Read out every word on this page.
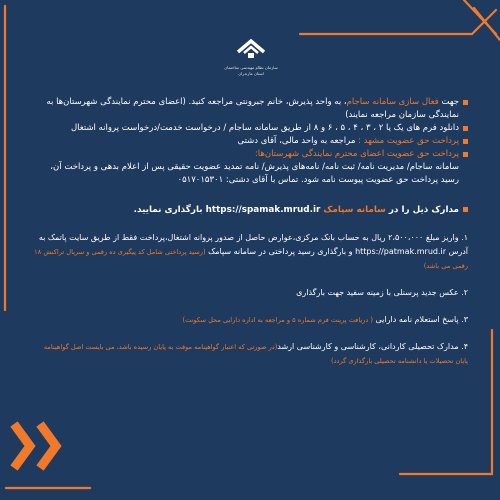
سازمان نظام مهندسی ساختمان
استان مازندران
جهت فعال سازی سامانه ساجام، به واحد پذیرش، خانم جبرونتی مراجعه کنید. (اعضای محترم نمایندگی شهرستان‌ها به نمایندگی سازمان مراجعه نمایند)
دانلود فرم های یک یا ۲ ، ۳ ، ۴ ، ۵ ، ۶ و ۸ از طریق سامانه ساجام / درخواست خدمت/درخواست پروانه اشتغال
پرداخت حق عضویت مشهد : مراجعه به واحد مالی، آقای دشتی
پرداخت حق عضویت اعضای محترم نمایندگی شهرستان‌ها:
سامانه ساجام/ مدیریت نامه/ ثبت نامه/ نامه‌های پذیرش/ نامه تمدید عضویت حقیقی پس از اعلام بدهی و پرداخت آن، رسید پرداخت حق عضویت پیوست نامه شود. تماس با آقای دشتی: ۰۵۱۷۰۱۵۳۰۱
مدارک ذیل را در سامانه سپامک https://spamak.mrud.ir بارگذاری نمایید.
۱. واریز مبلغ ۲،۵۰۰،۰۰۰ ریال به حساب بانک مرکزی،عوارض حاصل از صدور پروانه اشتغال،پرداخت فقط از طریق سایت پاتمک به آدرس https://patmak.mrud.ir و بارگذاری رسید پرداختی در سامانه سپامک (رسید پرداختی شامل کد پیگیری ده رقمی و سریال تراکنش ۱۸ رقمی می باشد)
۲. عکس جدید پرسنلی با زمینه سفید جهت بارگذاری
۳. پاسخ استعلام نامه دارایی ( دریافت پرینت فرم شماره ۵ و مراجعه به اداره دارایی محل سکونت)
۴. مدارک تحصیلی کاردانی، کارشناسی و کارشناسی ارشد(در صورتی که اعتبار گواهینامه موقت به پایان رسیده باشد، می بایست اصل گواهینامه پایان تحصیلات یا دانشنامه تحصیلی بارگذاری گردد)
